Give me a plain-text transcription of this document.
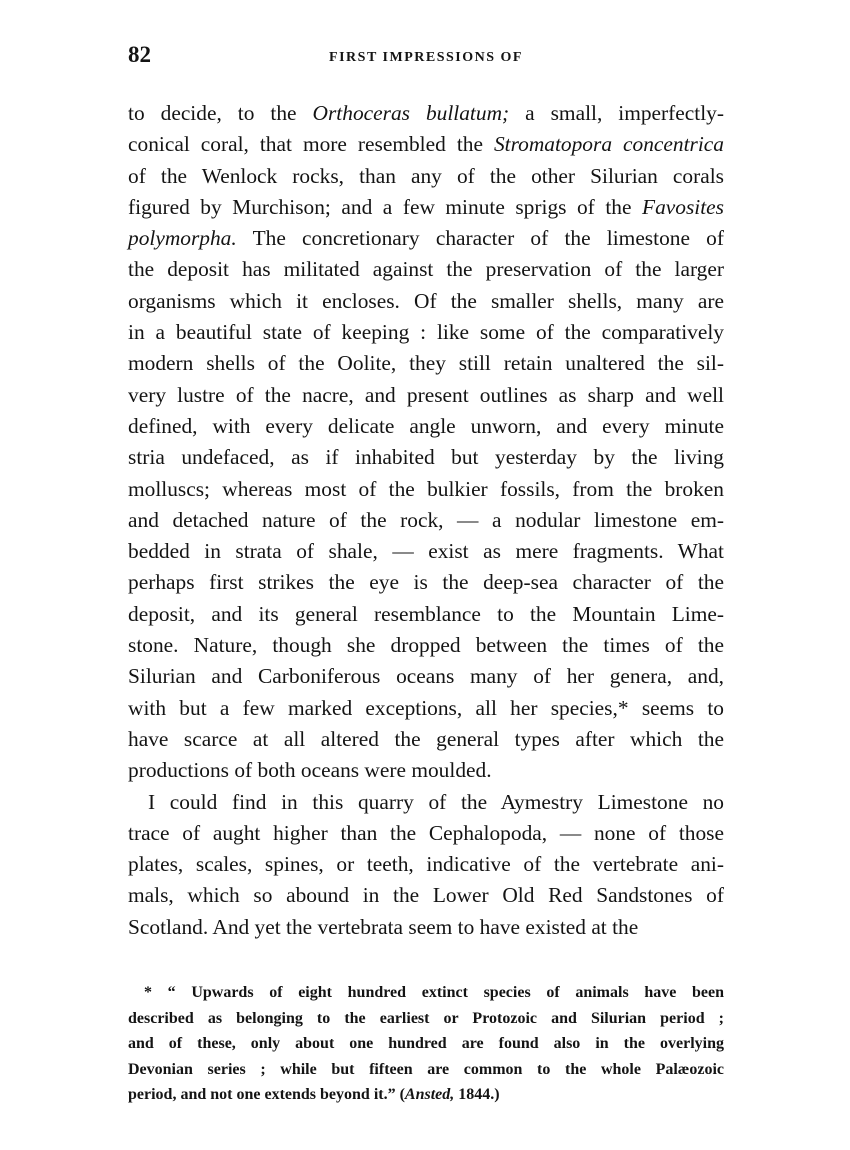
82	FIRST IMPRESSIONS OF
to decide, to the Orthoceras bullatum; a small, imperfectly-
conical coral, that more resembled the Stromatopora concentrica
of the Wenlock rocks, than any of the other Silurian corals
figured by Murchison; and a few minute sprigs of the Favosites
polymorpha. The concretionary character of the limestone of
the deposit has militated against the preservation of the larger
organisms which it encloses. Of the smaller shells, many are
in a beautiful state of keeping : like some of the comparatively
modern shells of the Oolite, they still retain unaltered the sil-
very lustre of the nacre, and present outlines as sharp and well
defined, with every delicate angle unworn, and every minute
stria undefaced, as if inhabited but yesterday by the living
molluscs; whereas most of the bulkier fossils, from the broken
and detached nature of the rock, — a nodular limestone em-
bedded in strata of shale, — exist as mere fragments. What
perhaps first strikes the eye is the deep-sea character of the
deposit, and its general resemblance to the Mountain Lime-
stone. Nature, though she dropped between the times of the
Silurian and Carboniferous oceans many of her genera, and,
with but a few marked exceptions, all her species,* seems to
have scarce at all altered the general types after which the
productions of both oceans were moulded.
I could find in this quarry of the Aymestry Limestone no
trace of aught higher than the Cephalopoda, — none of those
plates, scales, spines, or teeth, indicative of the vertebrate ani-
mals, which so abound in the Lower Old Red Sandstones of
Scotland. And yet the vertebrata seem to have existed at the
* “ Upwards of eight hundred extinct species of animals have been
described as belonging to the earliest or Protozoic and Silurian period ;
and of these, only about one hundred are found also in the overlying
Devonian series ; while but fifteen are common to the whole Palæozoic
period, and not one extends beyond it.” (Ansted, 1844.)
